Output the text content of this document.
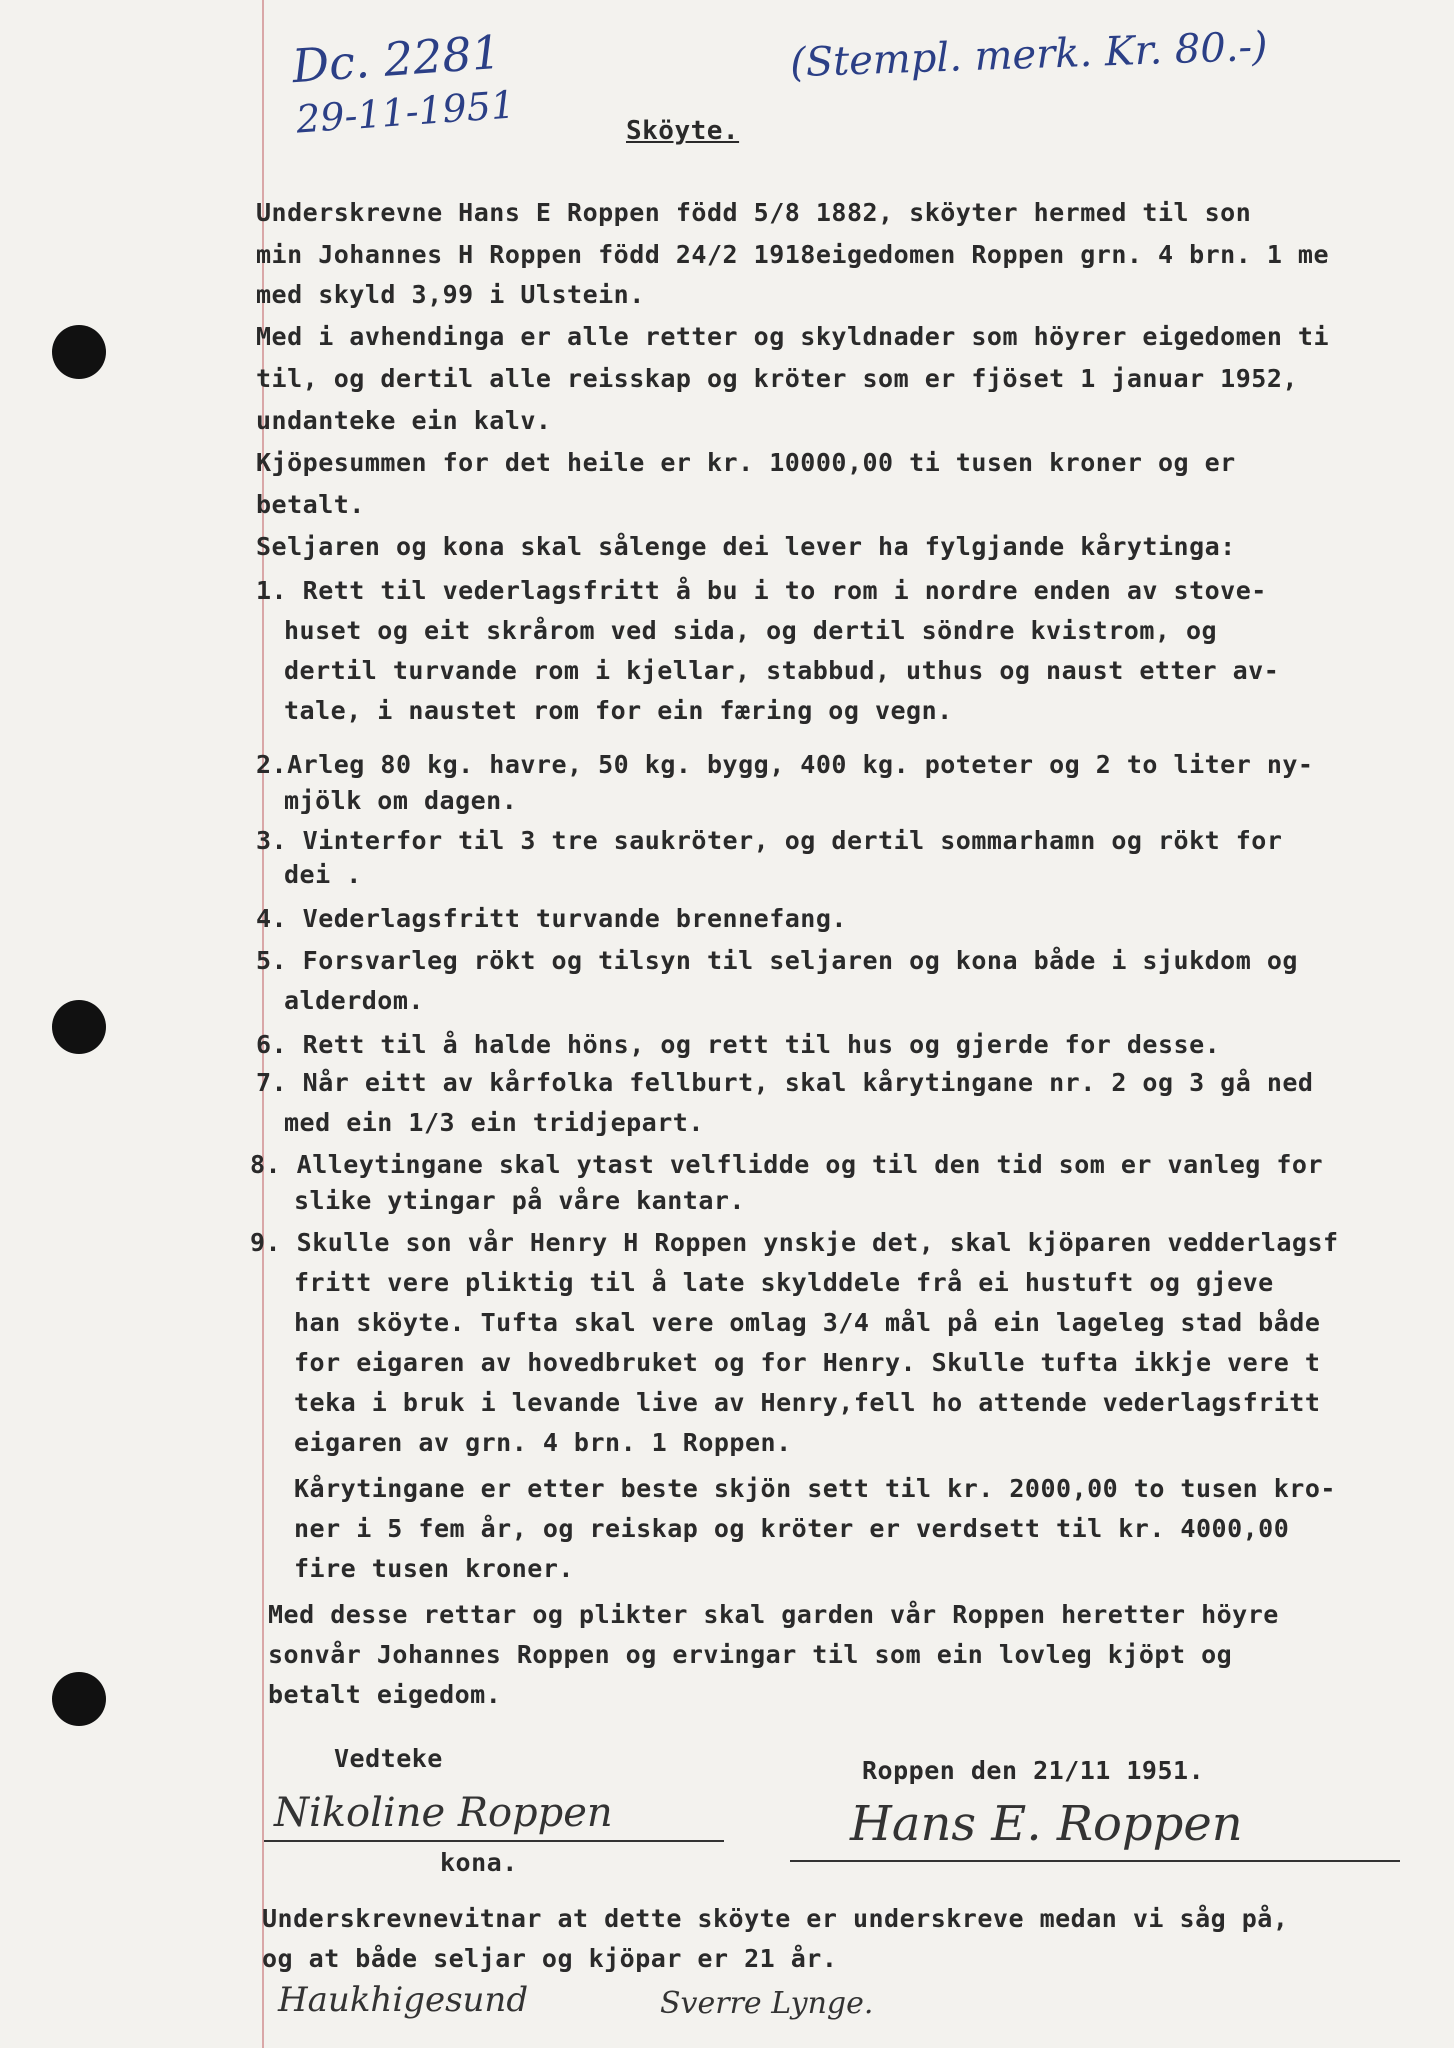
Dc. 2281
29-11-1951
(Stempl. merk. Kr. 80.-)
Sköyte.
Underskrevne Hans E Roppen född 5/8 1882, sköyter hermed til son
min Johannes H Roppen född 24/2 1918eigedomen Roppen grn. 4 brn. 1 me
med skyld 3,99 i Ulstein.
Med i avhendinga er alle retter og skyldnader som höyrer eigedomen ti
til, og dertil alle reisskap og kröter som er fjöset 1 januar 1952,
undanteke ein kalv.
Kjöpesummen for det heile er kr. 10000,00 ti tusen kroner og er
betalt.
Seljaren og kona skal sålenge dei lever ha fylgjande kårytinga:
1. Rett til vederlagsfritt å bu i to rom i nordre enden av stove-
huset og eit skrårom ved sida, og dertil söndre kvistrom, og
dertil turvande rom i kjellar, stabbud, uthus og naust etter av-
tale, i naustet rom for ein færing og vegn.
2.Arleg 80 kg. havre, 50 kg. bygg, 400 kg. poteter og 2 to liter ny-
mjölk om dagen.
3. Vinterfor til 3 tre saukröter, og dertil sommarhamn og rökt for
dei .
4. Vederlagsfritt turvande brennefang.
5. Forsvarleg rökt og tilsyn til seljaren og kona både i sjukdom og
alderdom.
6. Rett til å halde höns, og rett til hus og gjerde for desse.
7. Når eitt av kårfolka fellburt, skal kårytingane nr. 2 og 3 gå ned
med ein 1/3 ein tridjepart.
8. Alleytingane skal ytast velflidde og til den tid som er vanleg for
slike ytingar på våre kantar.
9. Skulle son vår Henry H Roppen ynskje det, skal kjöparen vedderlagsf
fritt vere pliktig til å late skylddele frå ei hustuft og gjeve
han sköyte. Tufta skal vere omlag 3/4 mål på ein lageleg stad både
for eigaren av hovedbruket og for Henry. Skulle tufta ikkje vere t
teka i bruk i levande live av Henry,fell ho attende vederlagsfritt
eigaren av grn. 4 brn. 1 Roppen.
Kårytingane er etter beste skjön sett til kr. 2000,00 to tusen kro-
ner i 5 fem år, og reiskap og kröter er verdsett til kr. 4000,00
fire tusen kroner.
Med desse rettar og plikter skal garden vår Roppen heretter höyre
sonvår Johannes Roppen og ervingar til som ein lovleg kjöpt og
betalt eigedom.
Vedteke	Roppen den 21/11 1951.
Nikoline Roppen	Hans E. Roppen
kona.
Underskrevnevitnar at dette sköyte er underskreve medan vi såg på,
og at både seljar og kjöpar er 21 år.
Haukhigesund	Sverre Lynge.
